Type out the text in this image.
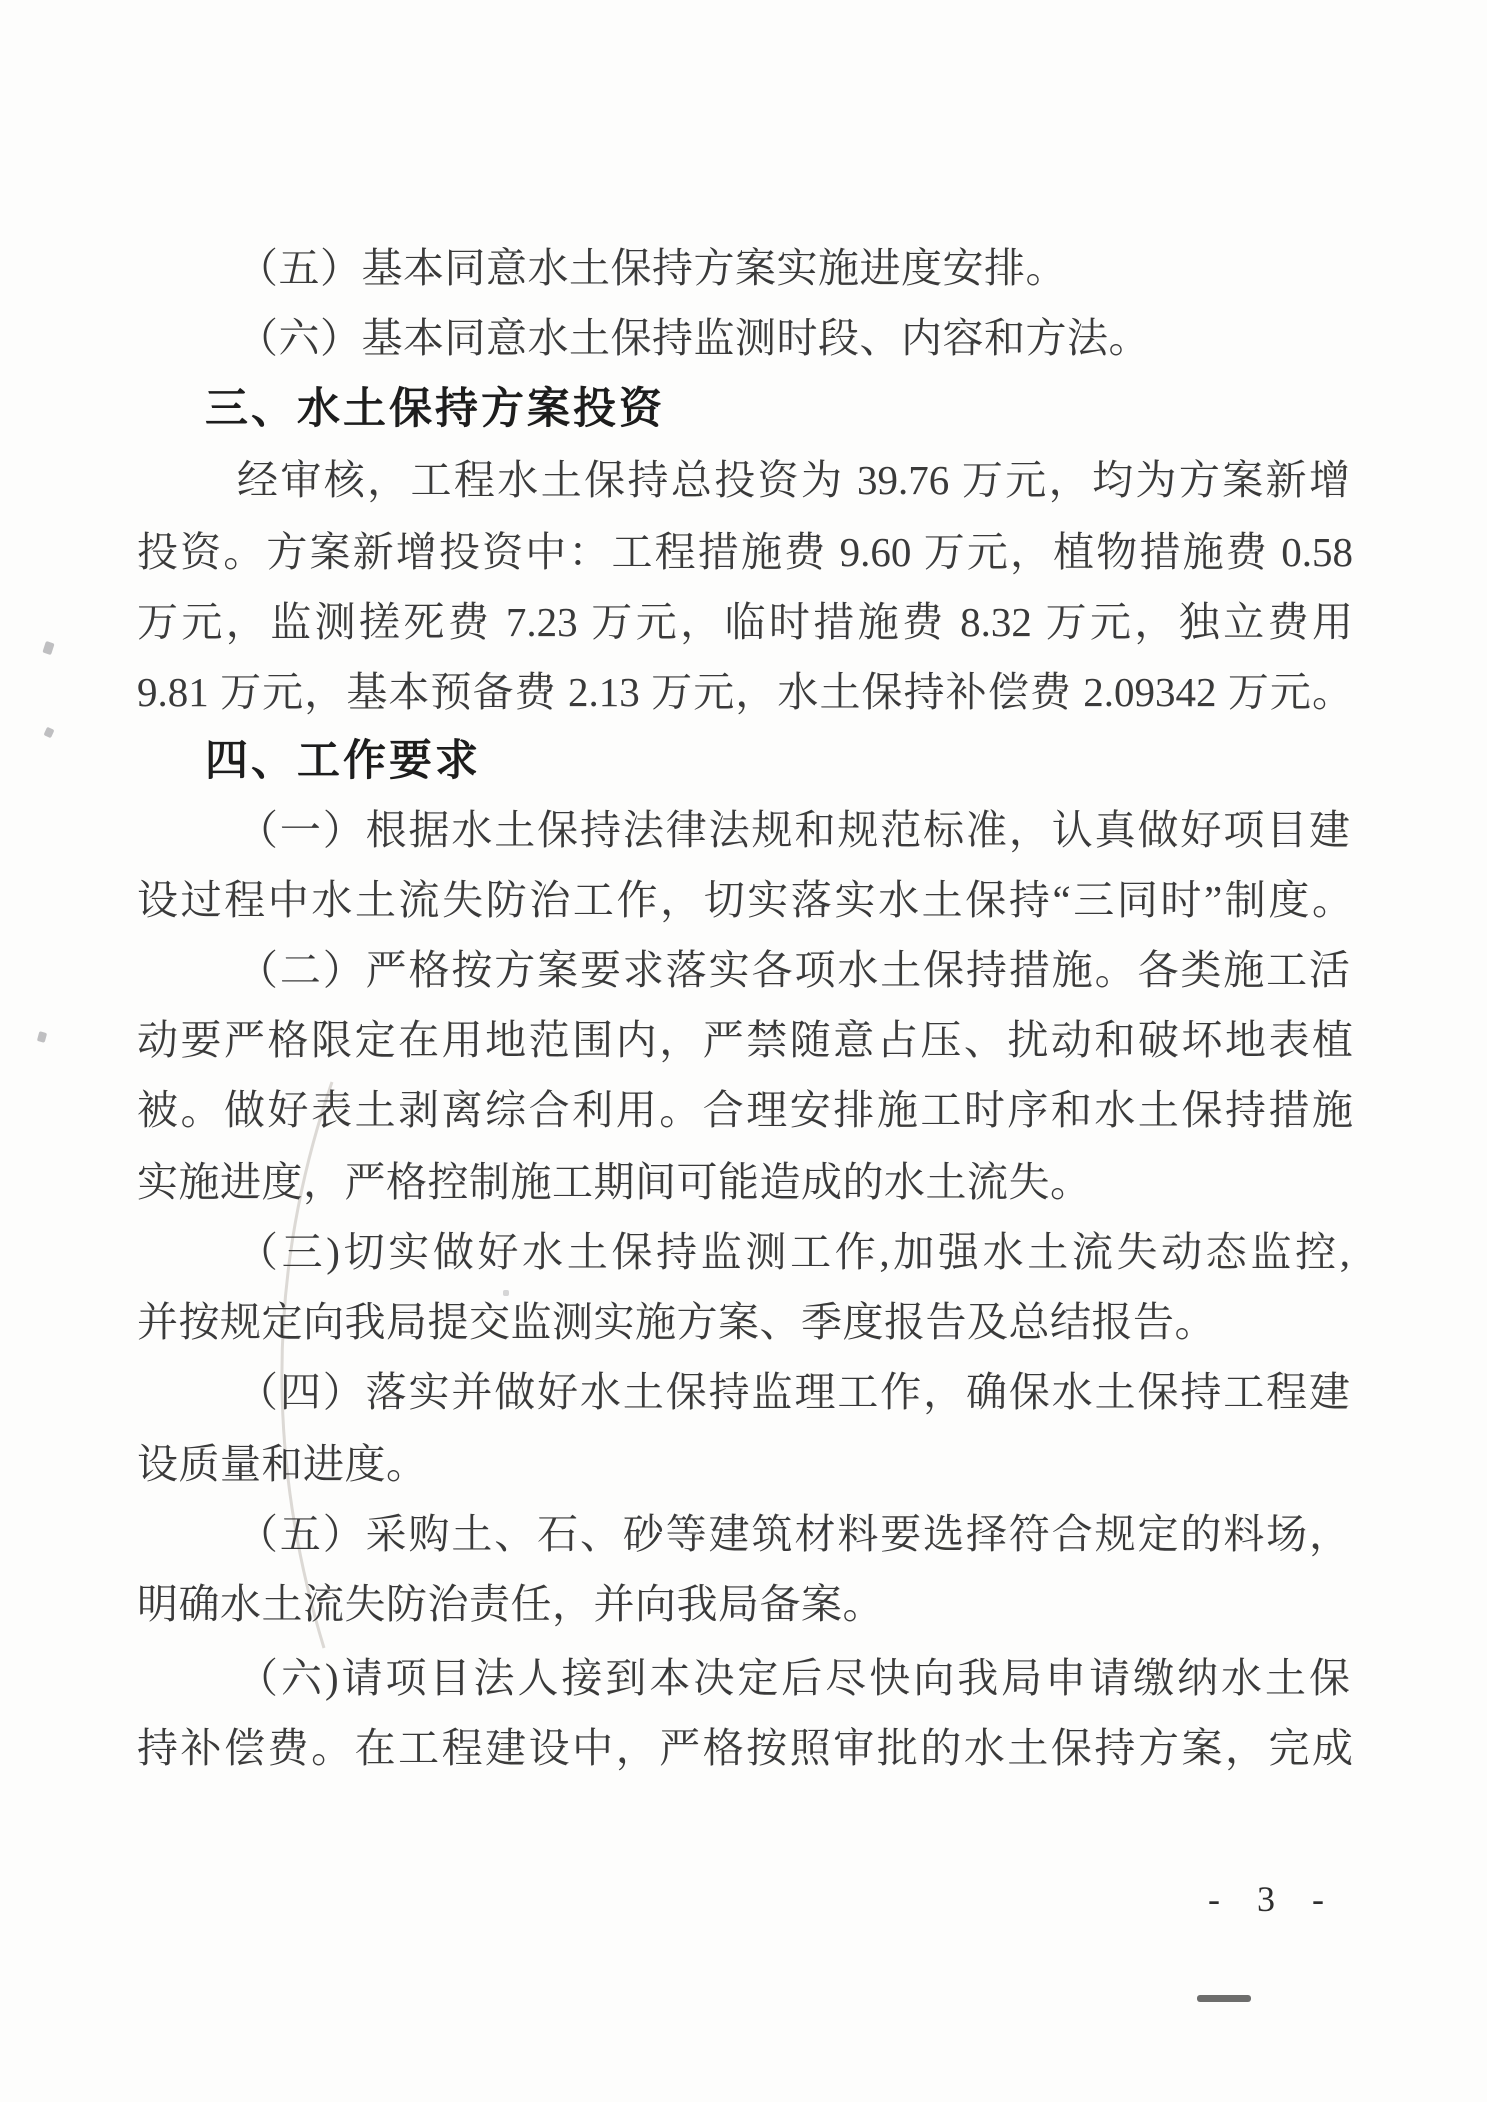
（五）基本同意水土保持方案实施进度安排。
（六）基本同意水土保持监测时段、内容和方法。
三、水土保持方案投资
经审核，工程水土保持总投资为 39.76 万元，均为方案新增
投资。方案新增投资中：工程措施费 9.60 万元，植物措施费 0.58
万元，监测搓死费 7.23 万元，临时措施费 8.32 万元，独立费用
9.81 万元，基本预备费 2.13 万元，水土保持补偿费 2.09342 万元。
四、工作要求
（一）根据水土保持法律法规和规范标准，认真做好项目建
设过程中水土流失防治工作，切实落实水土保持“三同时”制度。
（二）严格按方案要求落实各项水土保持措施。各类施工活
动要严格限定在用地范围内，严禁随意占压、扰动和破坏地表植
被。做好表土剥离综合利用。合理安排施工时序和水土保持措施
实施进度，严格控制施工期间可能造成的水土流失。
（三)切实做好水土保持监测工作,加强水土流失动态监控,
并按规定向我局提交监测实施方案、季度报告及总结报告。
（四）落实并做好水土保持监理工作，确保水土保持工程建
设质量和进度。
（五）采购土、石、砂等建筑材料要选择符合规定的料场，
明确水土流失防治责任，并向我局备案。
（六)请项目法人接到本决定后尽快向我局申请缴纳水土保
持补偿费。在工程建设中，严格按照审批的水土保持方案，完成
- 3 -
